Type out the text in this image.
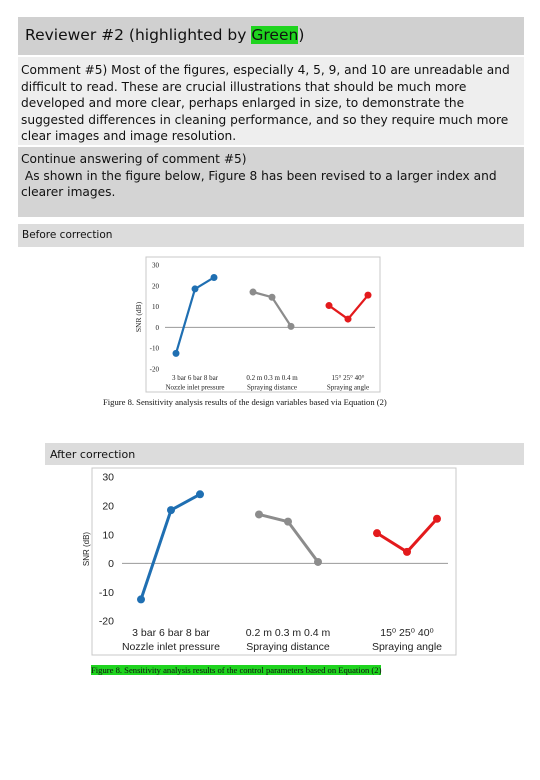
Reviewer #2 (highlighted by Green)
Comment #5) Most of the figures, especially 4, 5, 9, and 10 are unreadable and difficult to read. These are crucial illustrations that should be much more developed and more clear, perhaps enlarged in size, to demonstrate the suggested differences in cleaning performance, and so they require much more clear images and image resolution.
Continue answering of comment #5)
As shown in the figure below, Figure 8 has been revised to a larger index and clearer images.
Before correction
30
20
10
0
-10
-20
SNR (dB)
3 bar 6 bar 8 bar
Nozzle inlet pressure
0.2 m 0.3 m 0.4 m
Spraying distance
15° 25° 40°
Spraying angle
Figure 8. Sensitivity analysis results of the design variables based via Equation (2)
After correction
30
20
10
0
-10
-20
SNR (dB)
3 bar 6 bar 8 bar
Nozzle inlet pressure
0.2 m 0.3 m 0.4 m
Spraying distance
15⁰ 25⁰ 40⁰
Spraying angle
Figure 8. Sensitivity analysis results of the control parameters based on Equation (2)
